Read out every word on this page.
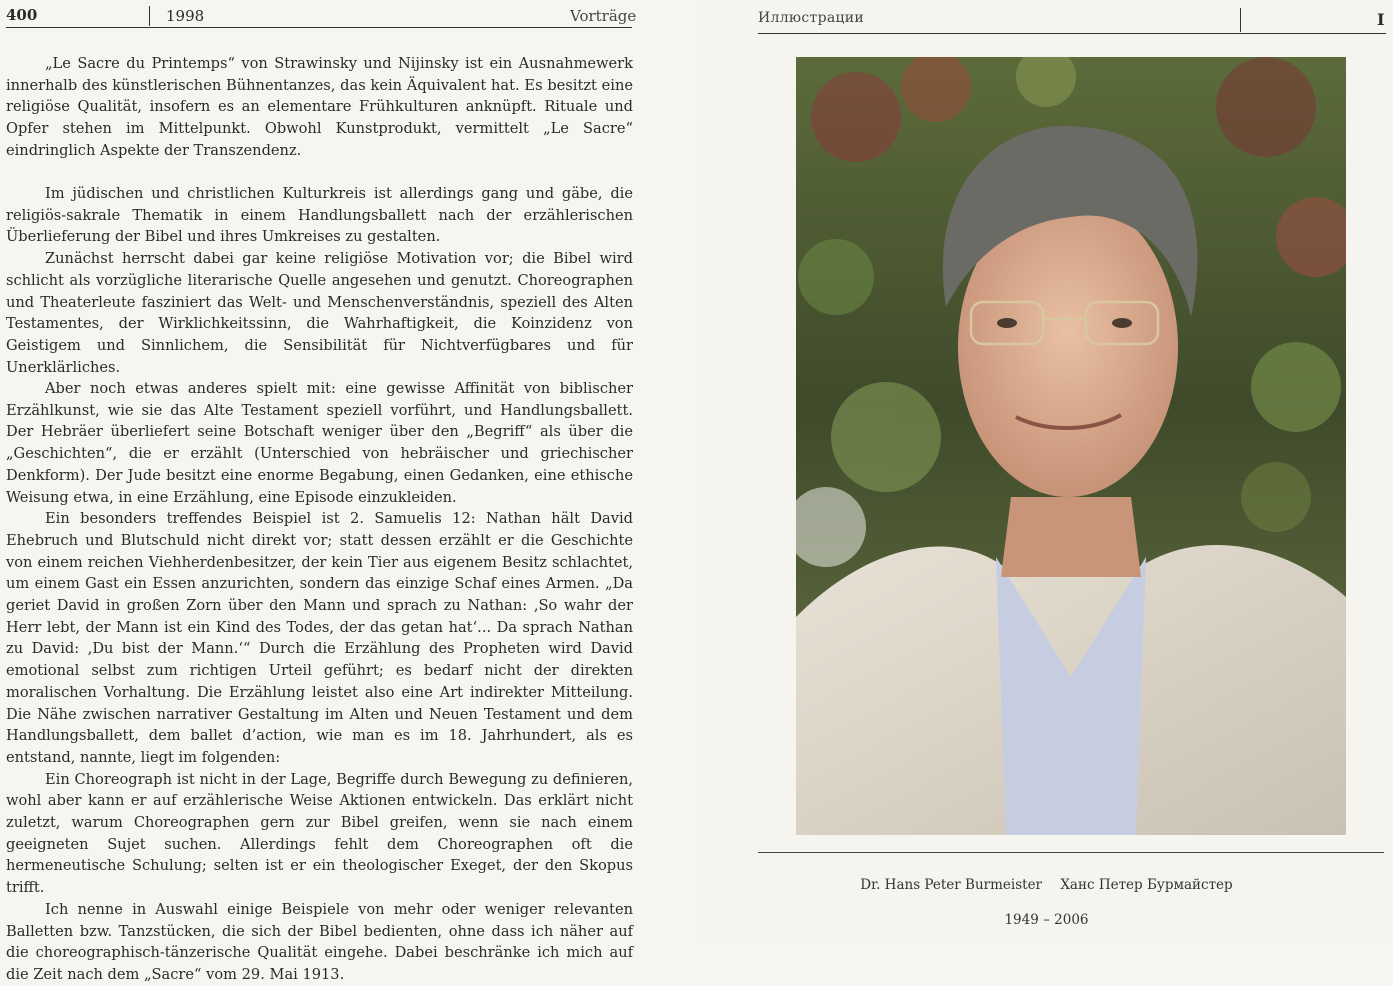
400	1998	Vorträge

„Le Sacre du Printemps“ von Strawinsky und Nijinsky ist ein Ausnahmewerk innerhalb des künstlerischen Bühnentanzes, das kein Äquivalent hat. Es besitzt eine religiöse Qualität, insofern es an elementare Frühkulturen anknüpft. Rituale und Opfer stehen im Mittelpunkt. Obwohl Kunstprodukt, vermittelt „Le Sacre“ eindringlich Aspekte der Transzendenz.

Im jüdischen und christlichen Kulturkreis ist allerdings gang und gäbe, die religiös-sakrale Thematik in einem Handlungsballett nach der erzählerischen Überlieferung der Bibel und ihres Umkreises zu gestalten.

Zunächst herrscht dabei gar keine religiöse Motivation vor; die Bibel wird schlicht als vorzügliche literarische Quelle angesehen und genutzt. Choreographen und Theaterleute fasziniert das Welt- und Menschenverständnis, speziell des Alten Testamentes, der Wirklichkeitssinn, die Wahrhaftigkeit, die Koinzidenz von Geistigem und Sinnlichem, die Sensibilität für Nichtverfügbares und für Unerklärliches.

Aber noch etwas anderes spielt mit: eine gewisse Affinität von biblischer Erzählkunst, wie sie das Alte Testament speziell vorführt, und Handlungsballett. Der Hebräer überliefert seine Botschaft weniger über den „Begriff“ als über die „Geschichten“, die er erzählt (Unterschied von hebräischer und griechischer Denkform). Der Jude besitzt eine enorme Begabung, einen Gedanken, eine ethische Weisung etwa, in eine Erzählung, eine Episode einzukleiden.

Ein besonders treffendes Beispiel ist 2. Samuelis 12: Nathan hält David Ehebruch und Blutschuld nicht direkt vor; statt dessen erzählt er die Geschichte von einem reichen Viehherdenbesitzer, der kein Tier aus eigenem Besitz schlachtet, um einem Gast ein Essen anzurichten, sondern das einzige Schaf eines Armen. „Da geriet David in großen Zorn über den Mann und sprach zu Nathan: ‚So wahr der Herr lebt, der Mann ist ein Kind des Todes, der das getan hat‘... Da sprach Nathan zu David: ‚Du bist der Mann.‘“ Durch die Erzählung des Propheten wird David emotional selbst zum richtigen Urteil geführt; es bedarf nicht der direkten moralischen Vorhaltung. Die Erzählung leistet also eine Art indirekter Mitteilung. Die Nähe zwischen narrativer Gestaltung im Alten und Neuen Testament und dem Handlungsballett, dem ballet d’action, wie man es im 18. Jahrhundert, als es entstand, nannte, liegt im folgenden:

Ein Choreograph ist nicht in der Lage, Begriffe durch Bewegung zu definieren, wohl aber kann er auf erzählerische Weise Aktionen entwickeln. Das erklärt nicht zuletzt, warum Choreographen gern zur Bibel greifen, wenn sie nach einem geeigneten Sujet suchen. Allerdings fehlt dem Choreographen oft die hermeneutische Schulung; selten ist er ein theologischer Exeget, der den Skopus trifft.

Ich nenne in Auswahl einige Beispiele von mehr oder weniger relevanten Balletten bzw. Tanzstücken, die sich der Bibel bedienten, ohne dass ich näher auf die choreographisch-tänzerische Qualität eingehe. Dabei beschränke ich mich auf die Zeit nach dem „Sacre“ vom 29. Mai 1913.

Иллюстрации	I
Dr. Hans Peter Burmeister Ханс Петер Бурмайстер
1949 – 2006
